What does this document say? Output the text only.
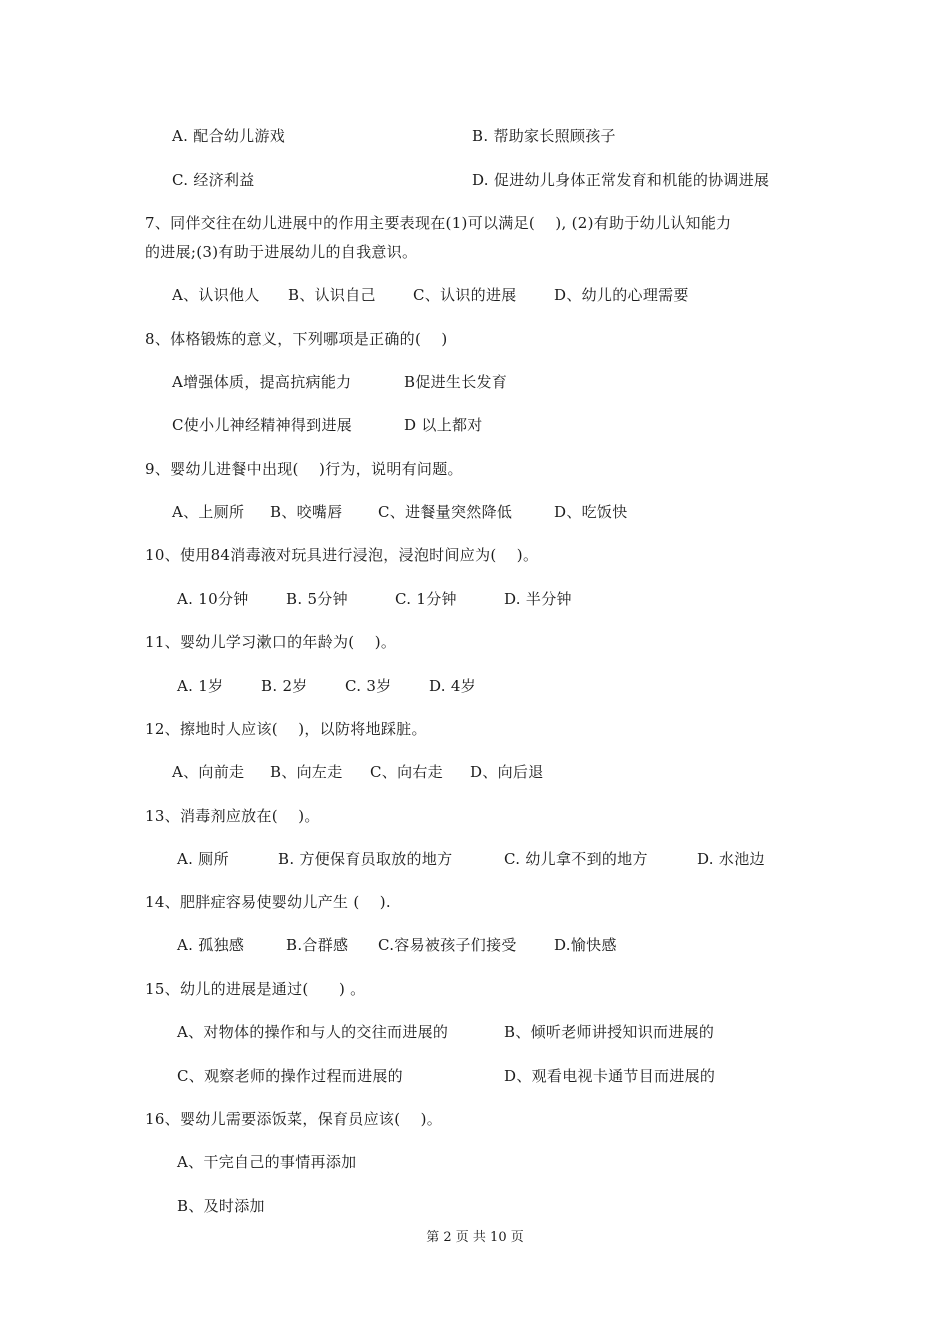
A. 配合幼儿游戏	B. 帮助家长照顾孩子
C. 经济利益	D. 促进幼儿身体正常发育和机能的协调进展
7、同伴交往在幼儿进展中的作用主要表现在(1)可以满足(    ), (2)有助于幼儿认知能力
的进展;(3)有助于进展幼儿的自我意识。
A、认识他人 B、认识自己 C、认识的进展 D、幼儿的心理需要
8、体格锻炼的意义，下列哪项是正确的(    )
A增强体质，提高抗病能力	B促进生长发育
C使小儿神经精神得到进展	D 以上都对
9、婴幼儿进餐中出现(    )行为，说明有问题。
A、上厕所 B、咬嘴唇 C、进餐量突然降低	D、吃饭快
10、使用84消毒液对玩具进行浸泡，浸泡时间应为(    )。
A. 10分钟 B. 5分钟	C. 1分钟	D. 半分钟
11、婴幼儿学习漱口的年龄为(    )。
A. 1岁	B. 2岁 C. 3岁 D. 4岁
12、擦地时人应该(    )，以防将地踩脏。
A、向前走 B、向左走 C、向右走 D、向后退
13、消毒剂应放在(    )。
A. 厕所	B. 方便保育员取放的地方	C. 幼儿拿不到的地方	D. 水池边
14、肥胖症容易使婴幼儿产生 (    ).
A. 孤独感	B.合群感 C.容易被孩子们接受 D.愉快感
15、幼儿的进展是通过(      ) 。
A、对物体的操作和与人的交往而进展的	B、倾听老师讲授知识而进展的
C、观察老师的操作过程而进展的	D、观看电视卡通节目而进展的
16、婴幼儿需要添饭菜，保育员应该(    )。
A、干完自己的事情再添加
B、及时添加
第 2 页 共 10 页
